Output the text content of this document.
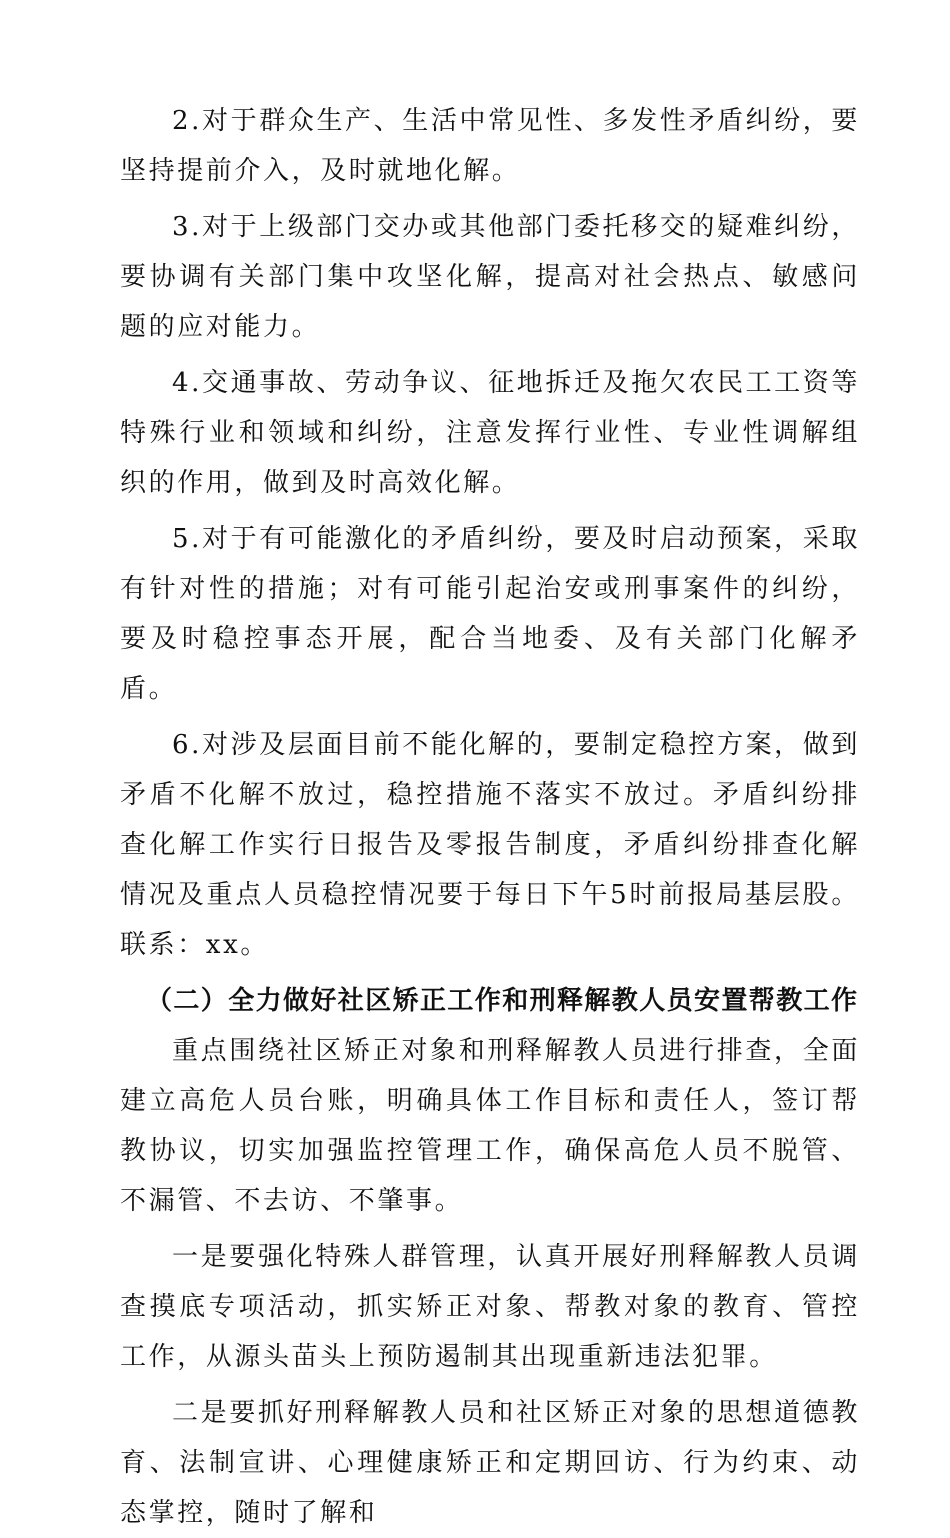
2.对于群众生产、生活中常见性、多发性矛盾纠纷，要坚持提前介入，及时就地化解。

3.对于上级部门交办或其他部门委托移交的疑难纠纷，要协调有关部门集中攻坚化解，提高对社会热点、敏感问题的应对能力。

4.交通事故、劳动争议、征地拆迁及拖欠农民工工资等特殊行业和领域和纠纷，注意发挥行业性、专业性调解组织的作用，做到及时高效化解。

5.对于有可能激化的矛盾纠纷，要及时启动预案，采取有针对性的措施；对有可能引起治安或刑事案件的纠纷，要及时稳控事态开展，配合当地委、及有关部门化解矛盾。

6.对涉及层面目前不能化解的，要制定稳控方案，做到矛盾不化解不放过，稳控措施不落实不放过。矛盾纠纷排查化解工作实行日报告及零报告制度，矛盾纠纷排查化解情况及重点人员稳控情况要于每日下午5时前报局基层股。联系：xx。

（二）全力做好社区矫正工作和刑释解教人员安置帮教工作

重点围绕社区矫正对象和刑释解教人员进行排查，全面建立高危人员台账，明确具体工作目标和责任人，签订帮教协议，切实加强监控管理工作，确保高危人员不脱管、不漏管、不去访、不肇事。

一是要强化特殊人群管理，认真开展好刑释解教人员调查摸底专项活动，抓实矫正对象、帮教对象的教育、管控工作，从源头苗头上预防遏制其出现重新违法犯罪。

二是要抓好刑释解教人员和社区矫正对象的思想道德教育、法制宣讲、心理健康矫正和定期回访、行为约束、动态掌控，随时了解和
